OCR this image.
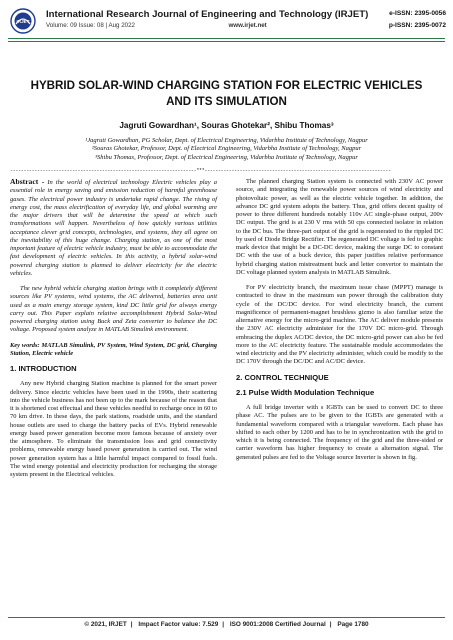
IRJET
International Research Journal of Engineering and Technology (IRJET)
Volume: 09 Issue: 08 | Aug 2022	www.irjet.net
e-ISSN: 2395-0056
p-ISSN: 2395-0072
HYBRID SOLAR-WIND CHARGING STATION FOR ELECTRIC VEHICLES AND ITS SIMULATION
Jagruti Gowardhan¹, Souras Ghotekar², Shibu Thomas³
¹Jagruti Gowardhan, PG Scholar, Dept. of Electrical Engineering, Vidarbha Institute of Technology, Nagpur
²Souras Ghotekar, Professor, Dept. of Electrical Engineering, Vidarbha Institute of Technology, Nagpur
³Shibu Thomas, Professor, Dept. of Electrical Engineering, Vidarbha Institute of Technology, Nagpur
---------------------------------------------------------------------***---------------------------------------------------------------------

Abstract - In the world of electrical technology Electric vehicles play a essential role in energy saving and emission reduction of harmful greenhouse gases. The electrical power industry is undertake rapid change. The rising of energy cost, the mass electrification of everyday life, and global warming are the major drivers that will be determine the speed at which such transformations will happen. Nevertheless of how quickly various utilities acceptance clever grid concepts, technologies, and systems, they all agree on the inevitability of this huge change. Charging station, as one of the most important feature of electric vehicle industry, must be able to accommodate the fast development of electric vehicles. In this activity, a hybrid solar-wind powered charging station is planned to deliver electricity for the electric vehicles.

The new hybrid vehicle charging station brings with it completely different sources like PV systems, wind systems, the AC delivered, batteries area unit used as a main energy storage system, kind DC little grid for always energy carry out. This Paper explain relative accomplishment Hybrid Solar-Wind powered charging station using Buck and Zeta converter to balance the DC voltage. Proposed system analyze in MATLAB Simulink environment.

Key words: MATLAB Simulink, PV System, Wind System, DC grid, Charging Station, Electric vehicle

1. INTRODUCTION

Any new Hybrid charging Station machine is planned for the smart power delivery. Since electric vehicles have been used in the 1990s, their scattering into the vehicle business has not been up to the mark because of the reason that it is shortened cost effectual and these vehicles needful to recharge once in 60 to 70 km drive. In these days, the park stations, roadside units, and the standard house outlets are used to charge the battery packs of EVs. Hybrid renewable energy based power generation become more famous because of anxiety over the atmosphere. To eliminate the transmission loss and grid connectivity problems, renewable energy based power generation is carried out. The wind power generation system has a little harmful impact compared to fossil fuels. The wind energy potential and electricity production for recharging the storage system present in the Electrical vehicles.

The planned charging Station system is connected with 230V AC power source, and integrating the renewable power sources of wind electricity and photovoltaic power, as well as the electric vehicle together. In addition, the advance DC grid system adopts the battery. Thus, grid offers decent quality of power to three different hundreds notably 110v AC single-phase output, 200v DC output. The grid is at 230 V rms with 50 cps connected isolator in relation to the DC bus. The three-part output of the grid is regenerated to the rippled DC by used of Diode Bridge Rectifier. The regenerated DC voltage is fed to graphic mark device that might be a DC-DC device, making the surge DC to constant DC with the use of a buck device, this paper justifies relative performance hybrid charging station mistreatment buck and letter convertor to maintain the DC voltage planned system analysis in MATLAB Simulink.

For PV electricity branch, the maximum issue chase (MPPT) manage is contracted to draw in the maximum sun power through the calibration duty cycle of the DC/DC device. For wind electricity branch, the current magnificence of permanent-magnet brushless gizmo is also familiar seize the alternative energy for the micro-grid machine. The AC deliver module presents the 230V AC electricity administer for the 170V DC micro-grid. Through embracing the duplex AC/DC device, the DC micro-grid power can also be fed more to the AC electricity feature. The sustainable module accommodates the wind electricity and the PV electricity administer, which could be modify to the DC 170V through the DC/DC and AC/DC device.

2. CONTROL TECHNIQUE

2.1 Pulse Width Modulation Technique

A full bridge inverter with s IGBTs can be used to convert DC to three phase AC. The pulses are to be given to the IGBTs are generated with a fundamental waveform compared with a triangular waveform. Each phase has shifted to each other by 1200 and has to be in synchronization with the grid to which it is being connected. The frequency of the grid and the three-sided or carrier waveform has higher frequency to create a alternation signal. The generated pulses are fed to the Voltage source Inverter is shown in fig.

© 2021, IRJET | Impact Factor value: 7.529 | ISO 9001:2008 Certified Journal | Page 1780
